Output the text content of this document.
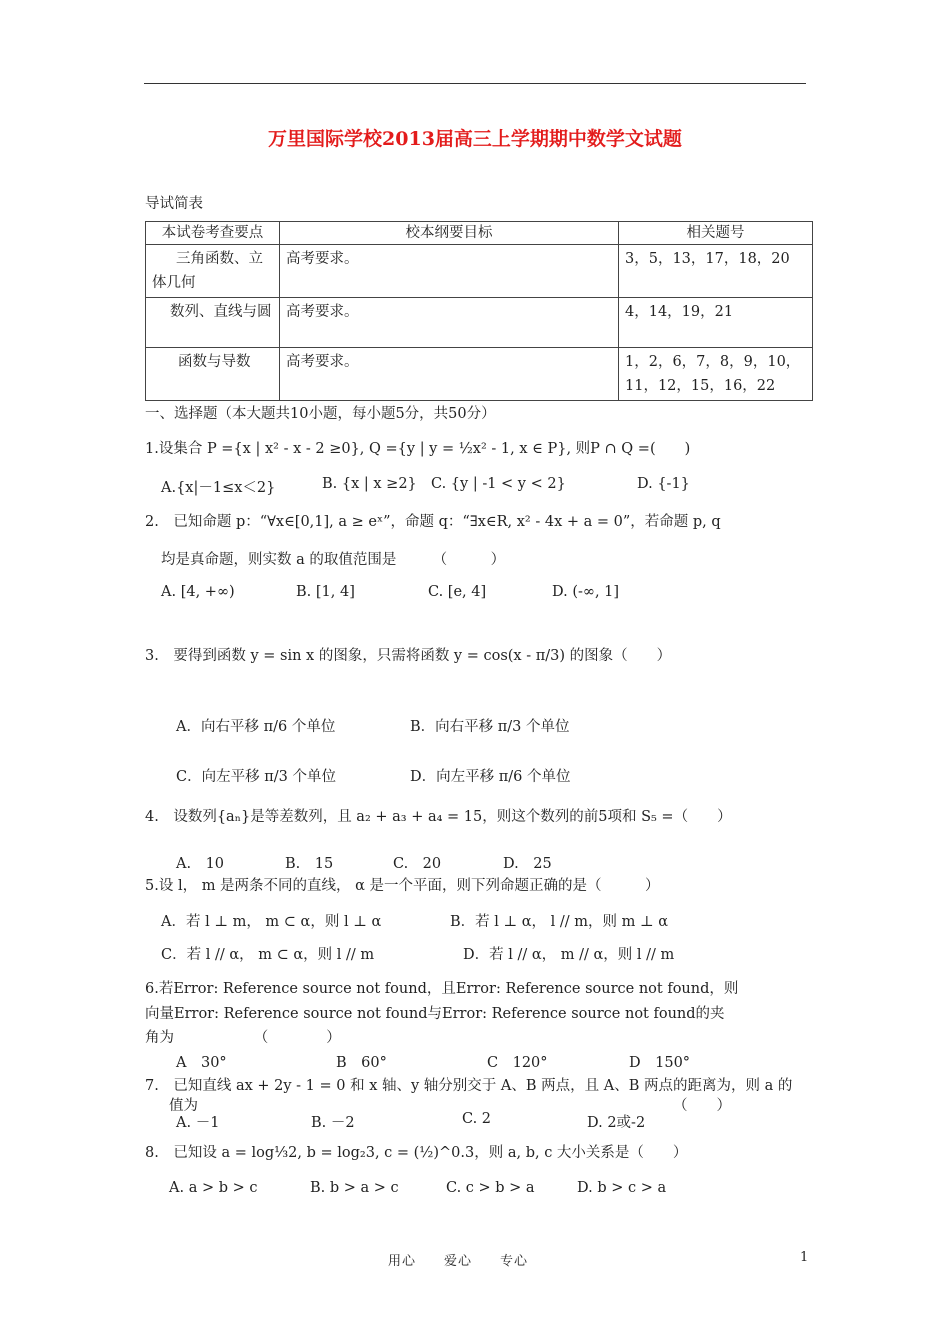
万里国际学校2013届高三上学期期中数学文试题
导试简表
本试卷考查要点	校本纲要目标	相关题号
三角函数、立体几何	高考要求。	3，5，13，17，18，20
数列、直线与圆	高考要求。	4，14，19，21
函数与导数	高考要求。	1，2，6，7，8，9，10，11，12，15，16，22
一、选择题（本大题共10小题，每小题5分，共50分）
1.设集合 P ={x | x² - x - 2 ≥0}, Q ={y | y = ½x² - 1, x ∈ P}, 则P ∩ Q =(　　)
A.{x|－1≤x＜2}	B. {x | x ≥2} C. {y | -1 < y < 2}	D. {-1}
2.　已知命题 p：“∀x∈[0,1], a ≥ eˣ”，命题 q：“∃x∈R, x² - 4x + a = 0”，若命题 p, q
均是真命题，则实数 a 的取值范围是　　　（　　　）
A. [4, +∞)	B. [1, 4]	C. [e, 4]	D. (-∞, 1]
3.　要得到函数 y = sin x 的图象，只需将函数 y = cos(x - π/3) 的图象（　　）
A．向右平移 π/6 个单位	B．向右平移 π/3 个单位
C．向左平移 π/3 个单位	D．向左平移 π/6 个单位
4.　设数列{aₙ}是等差数列，且 a₂ + a₃ + a₄ = 15，则这个数列的前5项和 S₅ =（　　）
A.　10	B.　15	C.　20	D.　25
5.设 l， m 是两条不同的直线， α 是一个平面，则下列命题正确的是（　　　）
A．若 l ⊥ m， m ⊂ α，则 l ⊥ α	B．若 l ⊥ α， l // m，则 m ⊥ α
C．若 l // α， m ⊂ α，则 l // m	D．若 l // α， m // α，则 l // m
6.若Error: Reference source not found，且Error: Reference source not found，则
向量Error: Reference source not found与Error: Reference source not found的夹
角为　　　　　　（　　　　）
A　30°	B　60°	C　120°	D　150°
7.　已知直线 ax + 2y - 1 = 0 和 x 轴、y 轴分别交于 A、B 两点，且 A、B 两点的距离为，则 a 的
值为	（　　）
A. －1	B. －2	C. 2	D. 2或-2
8.　已知设 a = log⅓2, b = log₂3, c = (½)^0.3，则 a, b, c 大小关系是（　　）
A. a > b > c	B. b > a > c	C. c > b > a	D. b > c > a
用心　　爱心　　专心	1
